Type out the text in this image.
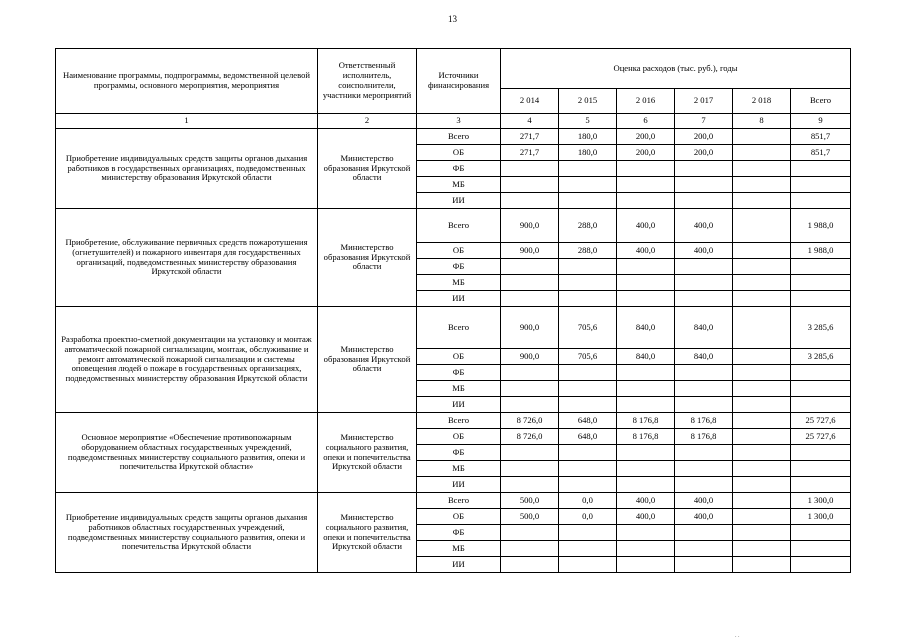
13
Наименование программы, подпрограммы, ведомственной целевой программы, основного мероприятия, мероприятия	Ответственный исполнитель, соисполнители, участники мероприятий	Источники финансирования	Оценка расходов (тыс. руб.), годы					
			2 014	2 015	2 016	2 017	2 018	Всего
1	2	3	4	5	6	7	8	9
Приобретение индивидуальных средств защиты органов дыхания работников в государственных организациях, подведомственных министерству образования Иркутской области	Министерство образования Иркутской области	Всего	271,7	180,0	200,0	200,0		851,7
		ОБ	271,7	180,0	200,0	200,0		851,7
		ФБ						
		МБ						
		ИИ						
Приобретение, обслуживание первичных средств пожаротушения (огнетушителей) и пожарного инвентаря для государственных организаций, подведомственных министерству образования Иркутской области	Министерство образования Иркутской области	Всего	900,0	288,0	400,0	400,0		1 988,0
		ОБ	900,0	288,0	400,0	400,0		1 988,0
		ФБ						
		МБ						
		ИИ						
Разработка проектно-сметной документации на установку и монтаж автоматической пожарной сигнализации, монтаж, обслуживание и ремонт автоматической пожарной сигнализации и системы оповещения людей о пожаре в государственных организациях, подведомственных министерству образования Иркутской области	Министерство образования Иркутской области	Всего	900,0	705,6	840,0	840,0		3 285,6
		ОБ	900,0	705,6	840,0	840,0		3 285,6
		ФБ						
		МБ						
		ИИ						
Основное мероприятие «Обеспечение противопожарным оборудованием областных государственных учреждений, подведомственных министерству социального развития, опеки и попечительства Иркутской области»	Министерство социального развития, опеки и попечительства Иркутской области	Всего	8 726,0	648,0	8 176,8	8 176,8		25 727,6
		ОБ	8 726,0	648,0	8 176,8	8 176,8		25 727,6
		ФБ						
		МБ						
		ИИ						
Приобретение индивидуальных средств защиты органов дыхания работников областных государственных учреждений, подведомственных министерству социального развития, опеки и попечительства Иркутской области	Министерство социального развития, опеки и попечительства Иркутской области	Всего	500,0	0,0	400,0	400,0		1 300,0
		ОБ	500,0	0,0	400,0	400,0		1 300,0
		ФБ						
		МБ						
		ИИ						
. .
